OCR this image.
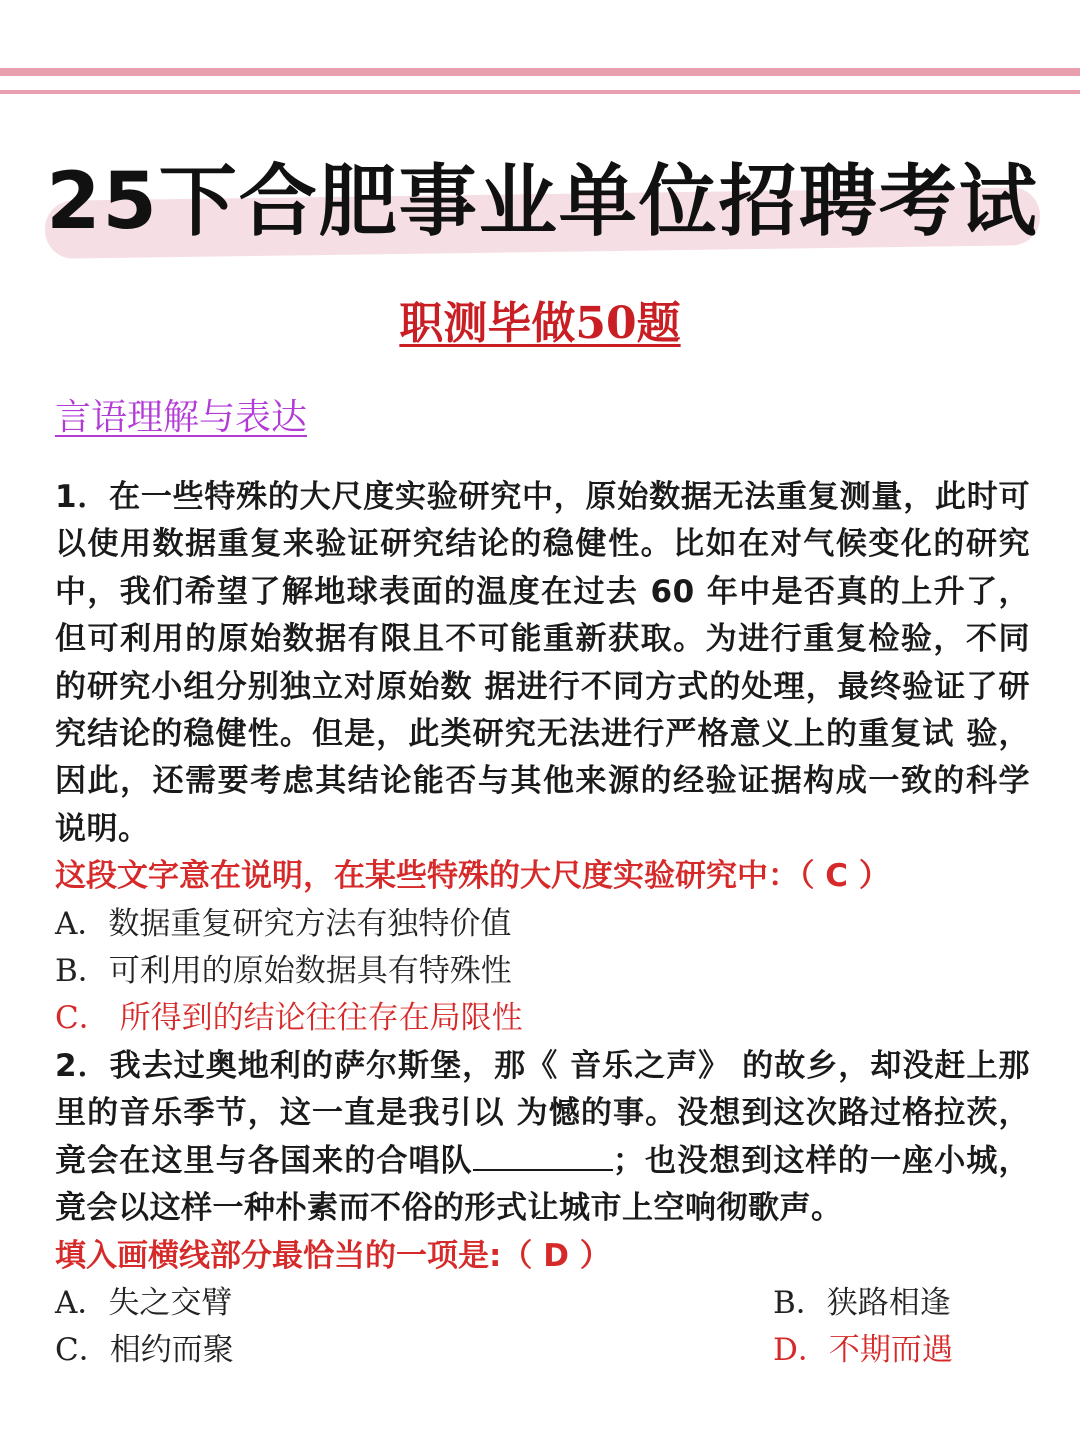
25下合肥事业单位招聘考试
职测毕做50题
言语理解与表达

1．在一些特殊的大尺度实验研究中，原始数据无法重复测量，此时可以使用数据重复来验证研究结论的稳健性。比如在对气候变化的研究中，我们希望了解地球表面的温度在过去 60 年中是否真的上升了，但可利用的原始数据有限且不可能重新获取。为进行重复检验，不同的研究小组分别独立对原始数 据进行不同方式的处理，最终验证了研究结论的稳健性。但是，此类研究无法进行严格意义上的重复试 验， 因此，还需要考虑其结论能否与其他来源的经验证据构成一致的科学说明。

这段文字意在说明，在某些特殊的大尺度实验研究中：（ C ）

A．数据重复研究方法有独特价值

B．可利用的原始数据具有特殊性

C． 所得到的结论往往存在局限性

2．我去过奥地利的萨尔斯堡，那《 音乐之声》 的故乡，却没赶上那里的音乐季节，这一直是我引以 为憾的事。没想到这次路过格拉茨，竟会在这里与各国来的合唱队	；也没想到这样的一座小城，竟会以这样一种朴素而不俗的形式让城市上空响彻歌声。

填入画横线部分最恰当的一项是:（ D ）

A．失之交臂	B．狭路相逢

C．相约而聚	D．不期而遇
